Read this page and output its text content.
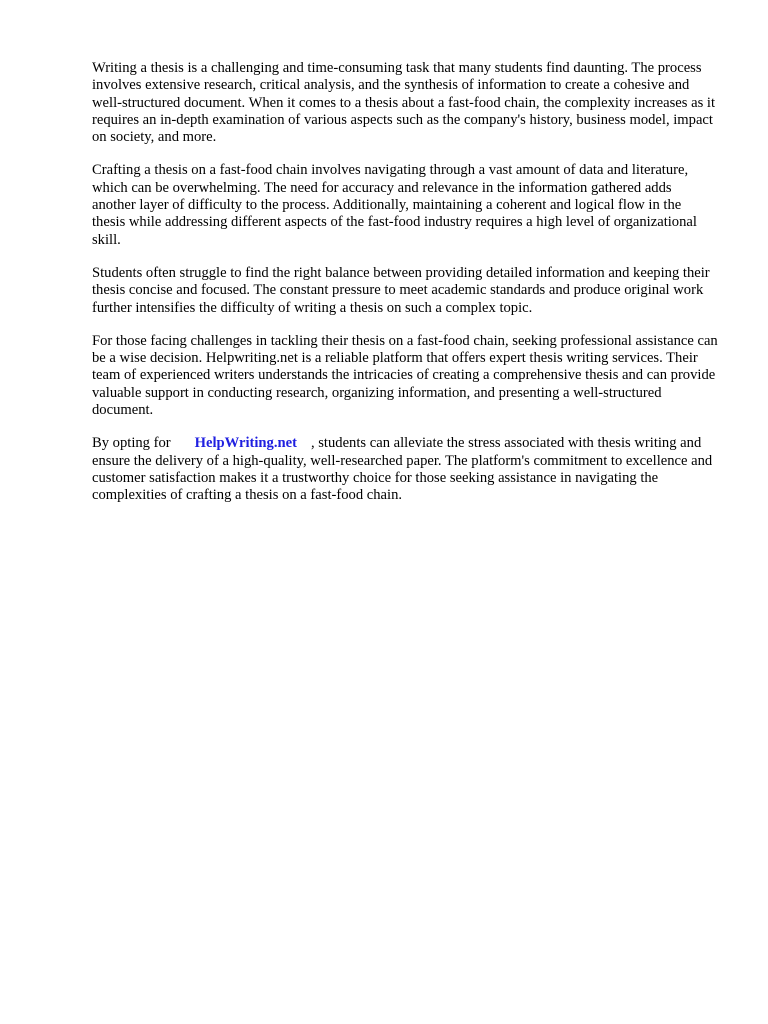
Writing a thesis is a challenging and time-consuming task that many students find daunting. The process involves extensive research, critical analysis, and the synthesis of information to create a cohesive and well-structured document. When it comes to a thesis about a fast-food chain, the complexity increases as it requires an in-depth examination of various aspects such as the company's history, business model, impact on society, and more.

Crafting a thesis on a fast-food chain involves navigating through a vast amount of data and literature, which can be overwhelming. The need for accuracy and relevance in the information gathered adds another layer of difficulty to the process. Additionally, maintaining a coherent and logical flow in the thesis while addressing different aspects of the fast-food industry requires a high level of organizational skill.

Students often struggle to find the right balance between providing detailed information and keeping their thesis concise and focused. The constant pressure to meet academic standards and produce original work further intensifies the difficulty of writing a thesis on such a complex topic.

For those facing challenges in tackling their thesis on a fast-food chain, seeking professional assistance can be a wise decision. Helpwriting.net is a reliable platform that offers expert thesis writing services. Their team of experienced writers understands the intricacies of creating a comprehensive thesis and can provide valuable support in conducting research, organizing information, and presenting a well-structured document.

By opting for HelpWriting.net , students can alleviate the stress associated with thesis writing and ensure the delivery of a high-quality, well-researched paper. The platform's commitment to excellence and customer satisfaction makes it a trustworthy choice for those seeking assistance in navigating the complexities of crafting a thesis on a fast-food chain.
